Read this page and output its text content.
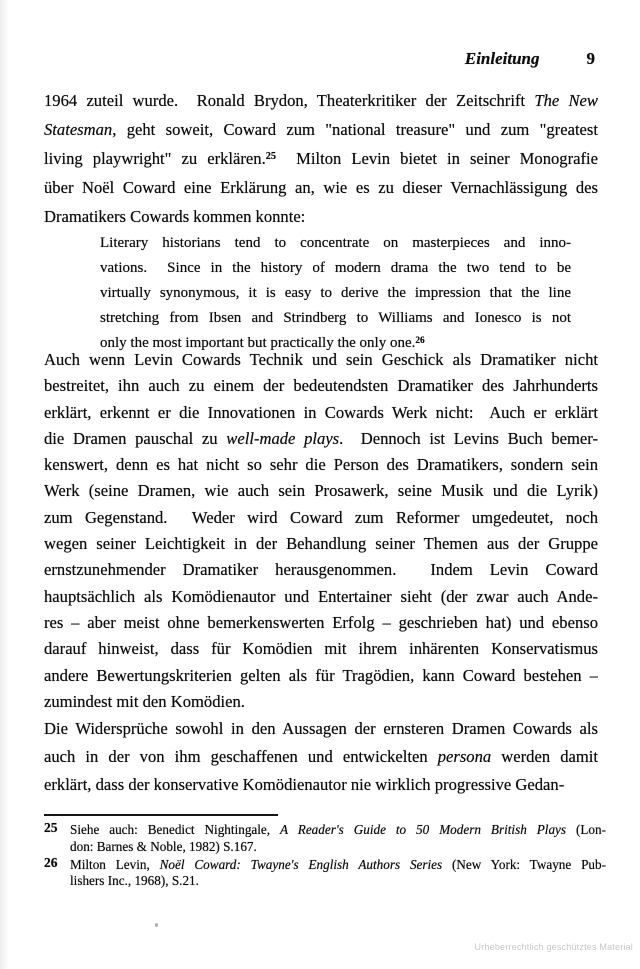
Einleitung	9
1964 zuteil wurde.  Ronald Brydon, Theaterkritiker der Zeitschrift The New
Statesman, geht soweit, Coward zum "national treasure" und zum "greatest
living playwright" zu erklären.$^{25}$  Milton Levin bietet in seiner Monografie
über Noël Coward eine Erklärung an, wie es zu dieser Vernachlässigung des
Dramatikers Cowards kommen konnte:
Literary historians tend to concentrate on masterpieces and inno-
vations.  Since in the history of modern drama the two tend to be
virtually synonymous, it is easy to derive the impression that the line
stretching from Ibsen and Strindberg to Williams and Ionesco is not
only the most important but practically the only one.$^{26}$
Auch wenn Levin Cowards Technik und sein Geschick als Dramatiker nicht
bestreitet, ihn auch zu einem der bedeutendsten Dramatiker des Jahrhunderts
erklärt, erkennt er die Innovationen in Cowards Werk nicht:  Auch er erklärt
die Dramen pauschal zu well-made plays.  Dennoch ist Levins Buch bemer-
kenswert, denn es hat nicht so sehr die Person des Dramatikers, sondern sein
Werk (seine Dramen, wie auch sein Prosawerk, seine Musik und die Lyrik)
zum Gegenstand.  Weder wird Coward zum Reformer umgedeutet, noch
wegen seiner Leichtigkeit in der Behandlung seiner Themen aus der Gruppe
ernstzunehmender Dramatiker herausgenommen.  Indem Levin Coward
hauptsächlich als Komödienautor und Entertainer sieht (der zwar auch Ande-
res – aber meist ohne bemerkenswerten Erfolg – geschrieben hat) und ebenso
darauf hinweist, dass für Komödien mit ihrem inhärenten Konservatismus
andere Bewertungskriterien gelten als für Tragödien, kann Coward bestehen –
zumindest mit den Komödien.
Die Widersprüche sowohl in den Aussagen der ernsteren Dramen Cowards als
auch in der von ihm geschaffenen und entwickelten persona werden damit
erklärt, dass der konservative Komödienautor nie wirklich progressive Gedan-
25 Siehe auch: Benedict Nightingale, A Reader's Guide to 50 Modern British Plays (Lon-
don: Barnes & Noble, 1982) S.167.
26 Milton Levin, Noël Coward: Twayne's English Authors Series (New York: Twayne Pub-
lishers Inc., 1968), S.21.
Urheberrechtlich geschütztes Material
